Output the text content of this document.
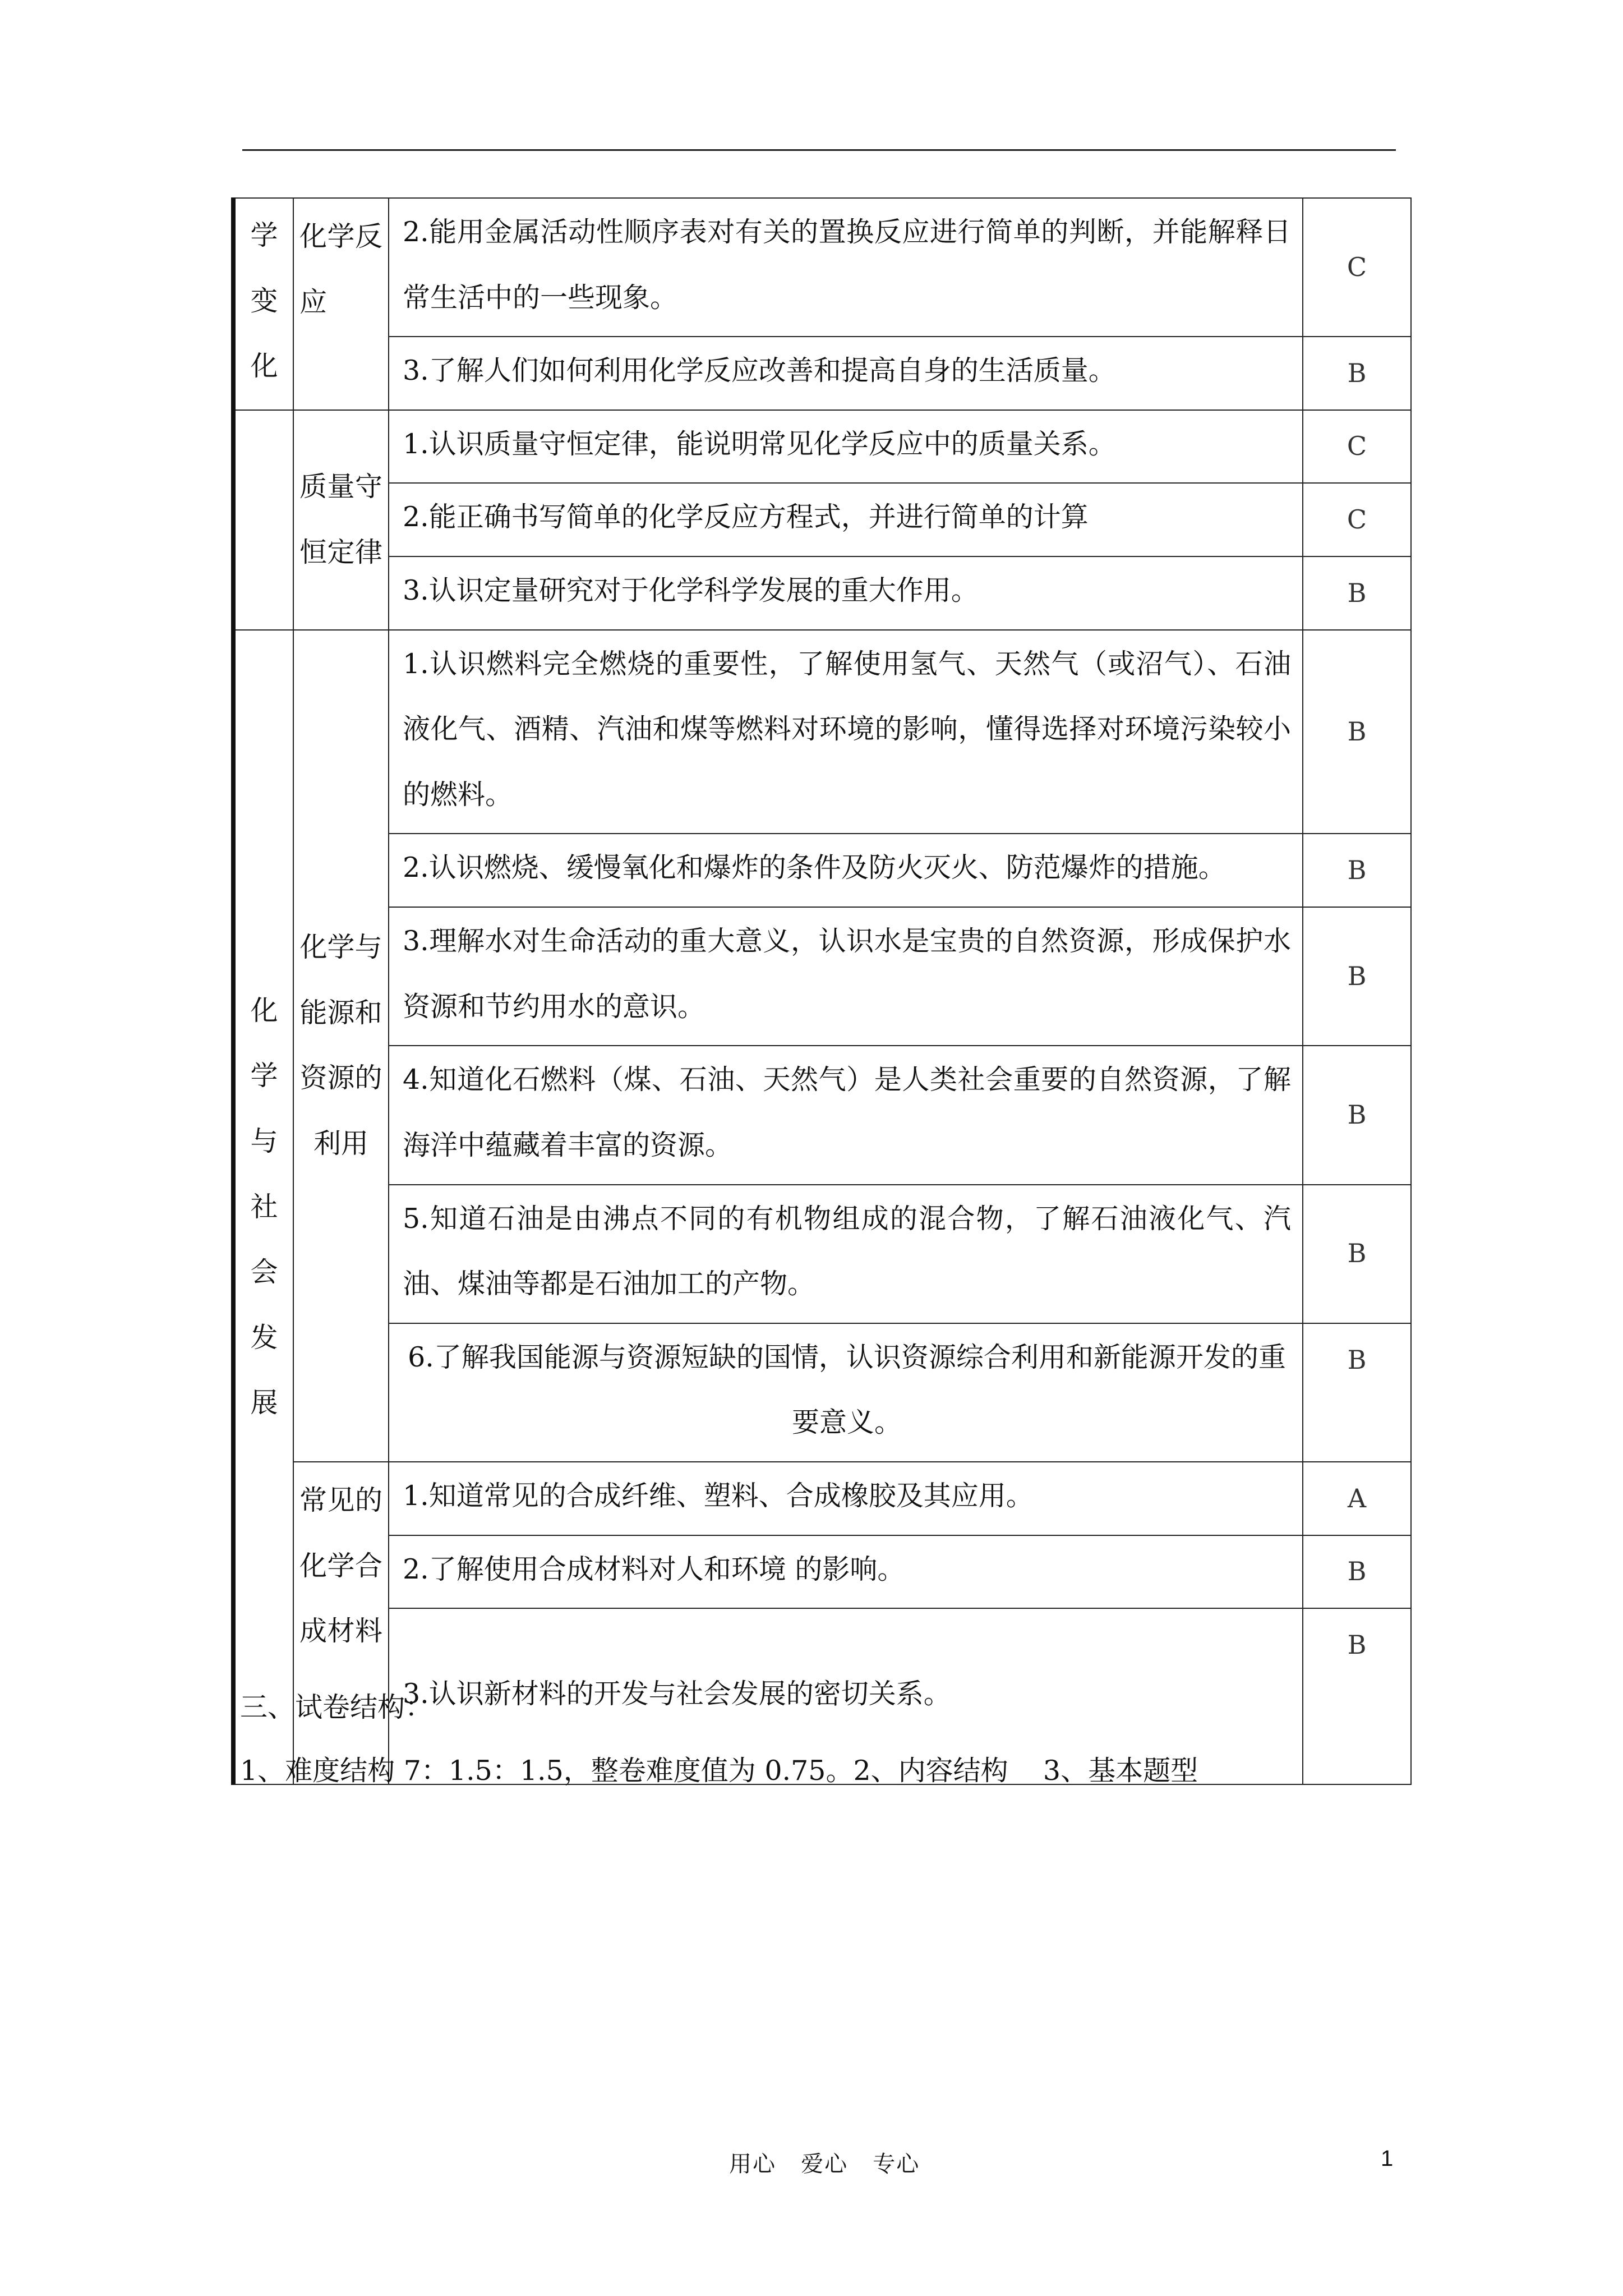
学变化	化学反应	2.能用金属活动性顺序表对有关的置换反应进行简单的判断，并能解释日常生活中的一些现象。	C
		3.了解人们如何利用化学反应改善和提高自身的生活质量。	B

	质量守恒定律	1.认识质量守恒定律，能说明常见化学反应中的质量关系。	C
		2.能正确书写简单的化学反应方程式，并进行简单的计算	C
		3.认识定量研究对于化学科学发展的重大作用。	B

化学与社会发展	化学与能源和资源的利用	1.认识燃料完全燃烧的重要性，了解使用氢气、天然气（或沼气）、石油液化气、酒精、汽油和煤等燃料对环境的影响，懂得选择对环境污染较小的燃料。	B
		2.认识燃烧、缓慢氧化和爆炸的条件及防火灭火、防范爆炸的措施。	B
		3.理解水对生命活动的重大意义，认识水是宝贵的自然资源，形成保护水资源和节约用水的意识。	B
		4.知道化石燃料（煤、石油、天然气）是人类社会重要的自然资源，了解海洋中蕴藏着丰富的资源。	B
		5.知道石油是由沸点不同的有机物组成的混合物，了解石油液化气、汽油、煤油等都是石油加工的产物。	B
		6.了解我国能源与资源短缺的国情，认识资源综合利用和新能源开发的重要意义。	B

	常见的化学合成材料	1.知道常见的合成纤维、塑料、合成橡胶及其应用。	A
		2.了解使用合成材料对人和环境 的影响。	B
		3.认识新材料的开发与社会发展的密切关系。	B
三、试卷结构：
1、难度结构 7：1.5：1.5，整卷难度值为 0.75。2、内容结构    3、基本题型
用心   爱心   专心	1
